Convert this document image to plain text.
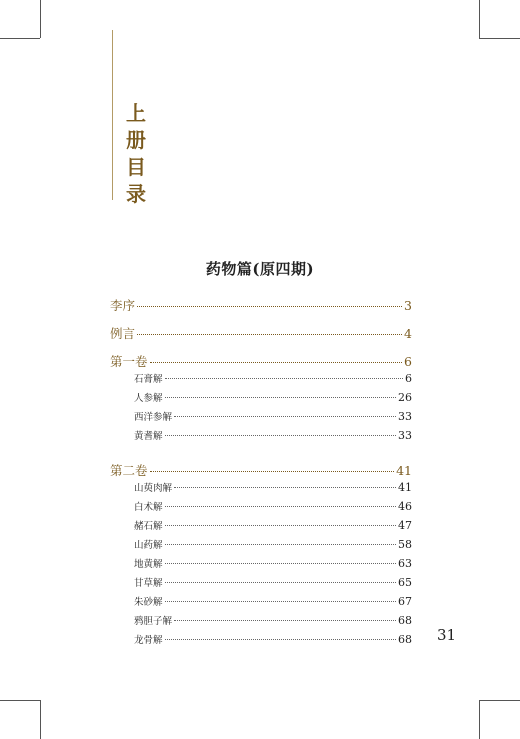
上
册
目
录
药物篇(原四期)
李序	3
例言	4
第一卷	6
石膏解	6
人参解	26
西洋参解	33
黄耆解	33
第二卷	41
山萸肉解	41
白术解	46
赭石解	47
山药解	58
地黄解	63
甘草解	65
朱砂解	67
鸦胆子解	68
龙骨解	68 31
